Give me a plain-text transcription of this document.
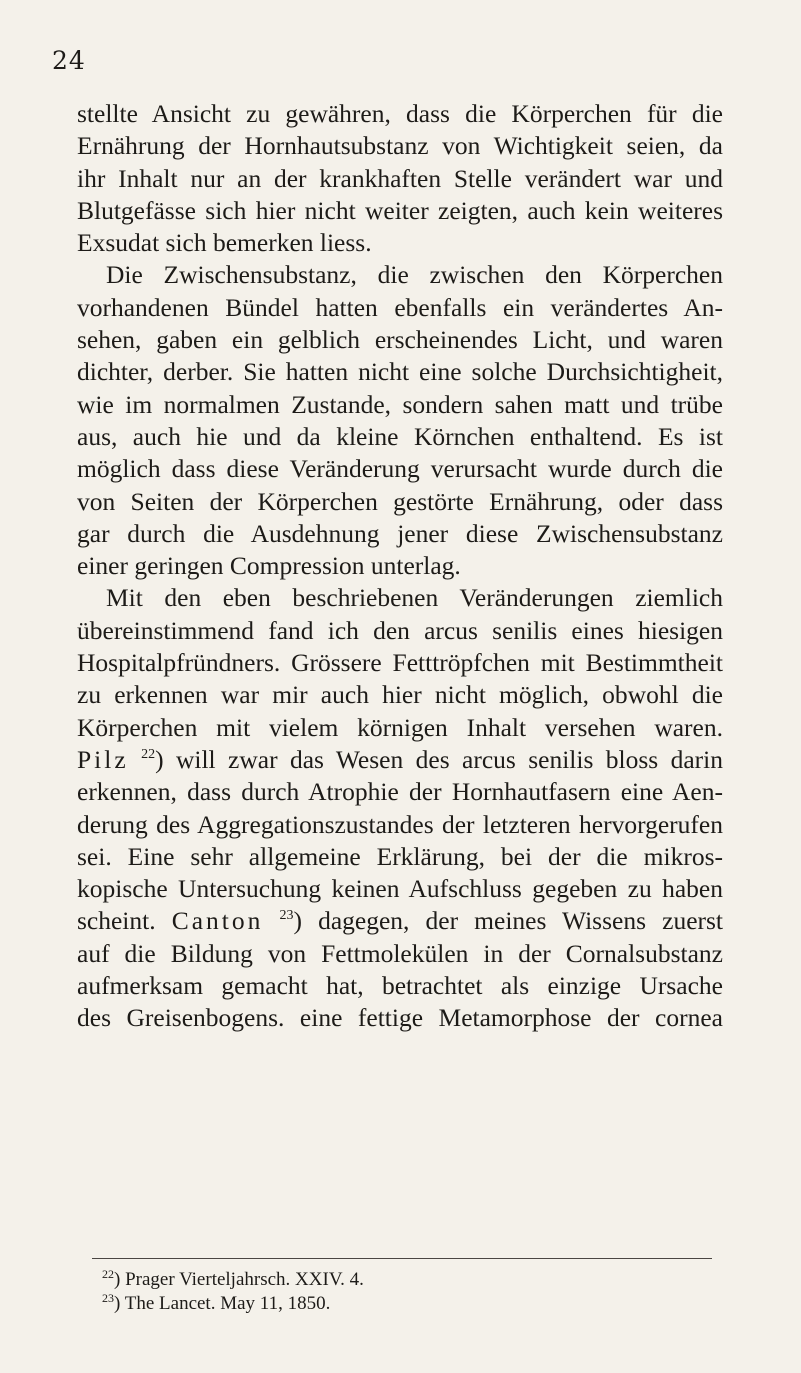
24
stellte Ansicht zu gewähren, dass die Körperchen für die
Ernährung der Hornhautsubstanz von Wichtigkeit seien, da
ihr Inhalt nur an der krankhaften Stelle verändert war und
Blutgefässe sich hier nicht weiter zeigten, auch kein weiteres
Exsudat sich bemerken liess.
Die Zwischensubstanz, die zwischen den Körperchen
vorhandenen Bündel hatten ebenfalls ein verändertes An-
sehen, gaben ein gelblich erscheinendes Licht, und waren
dichter, derber. Sie hatten nicht eine solche Durchsichtigheit,
wie im normalmen Zustande, sondern sahen matt und trübe
aus, auch hie und da kleine Körnchen enthaltend. Es ist
möglich dass diese Veränderung verursacht wurde durch die
von Seiten der Körperchen gestörte Ernährung, oder dass
gar durch die Ausdehnung jener diese Zwischensubstanz
einer geringen Compression unterlag.
Mit den eben beschriebenen Veränderungen ziemlich
übereinstimmend fand ich den arcus senilis eines hiesigen
Hospitalpfründners. Grössere Fetttröpfchen mit Bestimmtheit
zu erkennen war mir auch hier nicht möglich, obwohl die
Körperchen mit vielem körnigen Inhalt versehen waren.
Pilz $^{22}$) will zwar das Wesen des arcus senilis bloss darin
erkennen, dass durch Atrophie der Hornhautfasern eine Aen-
derung des Aggregationszustandes der letzteren hervorgerufen
sei. Eine sehr allgemeine Erklärung, bei der die mikros-
kopische Untersuchung keinen Aufschluss gegeben zu haben
scheint. Canton $^{23}$) dagegen, der meines Wissens zuerst
auf die Bildung von Fettmolekülen in der Cornalsubstanz
aufmerksam gemacht hat, betrachtet als einzige Ursache
des Greisenbogens. eine fettige Metamorphose der cornea
$^{22}$) Prager Vierteljahrsch. XXIV. 4.
$^{23}$) The Lancet. May 11, 1850.
